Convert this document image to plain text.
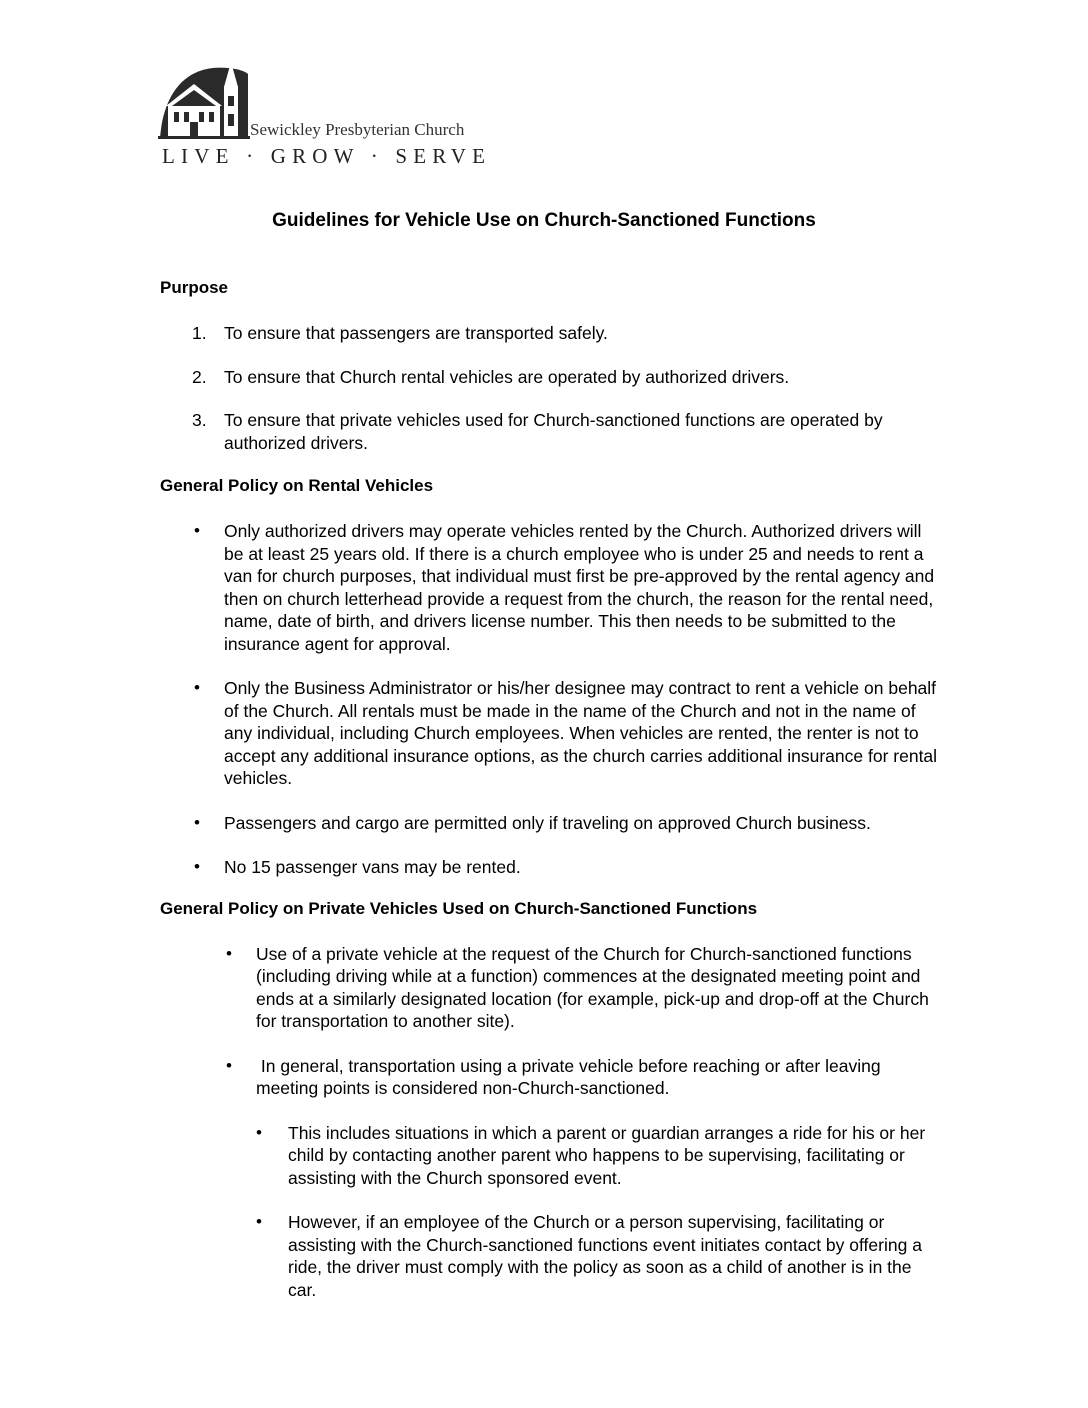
Sewickley Presbyterian Church
LIVE · GROW · SERVE
Guidelines for Vehicle Use on Church-Sanctioned Functions
Purpose
1. To ensure that passengers are transported safely.

2. To ensure that Church rental vehicles are operated by authorized drivers.

3. To ensure that private vehicles used for Church-sanctioned functions are operated by authorized drivers.

General Policy on Rental Vehicles
• Only authorized drivers may operate vehicles rented by the Church. Authorized drivers will be at least 25 years old. If there is a church employee who is under 25 and needs to rent a van for church purposes, that individual must first be pre-approved by the rental agency and then on church letterhead provide a request from the church, the reason for the rental need, name, date of birth, and drivers license number. This then needs to be submitted to the insurance agent for approval.

• Only the Business Administrator or his/her designee may contract to rent a vehicle on behalf of the Church. All rentals must be made in the name of the Church and not in the name of any individual, including Church employees. When vehicles are rented, the renter is not to accept any additional insurance options, as the church carries additional insurance for rental vehicles.

• Passengers and cargo are permitted only if traveling on approved Church business.

• No 15 passenger vans may be rented.

General Policy on Private Vehicles Used on Church-Sanctioned Functions
• Use of a private vehicle at the request of the Church for Church-sanctioned functions (including driving while at a function) commences at the designated meeting point and ends at a similarly designated location (for example, pick-up and drop-off at the Church for transportation to another site).

• In general, transportation using a private vehicle before reaching or after leaving meeting points is considered non-Church-sanctioned.

• This includes situations in which a parent or guardian arranges a ride for his or her child by contacting another parent who happens to be supervising, facilitating or assisting with the Church sponsored event.

• However, if an employee of the Church or a person supervising, facilitating or assisting with the Church-sanctioned functions event initiates contact by offering a ride, the driver must comply with the policy as soon as a child of another is in the car.
